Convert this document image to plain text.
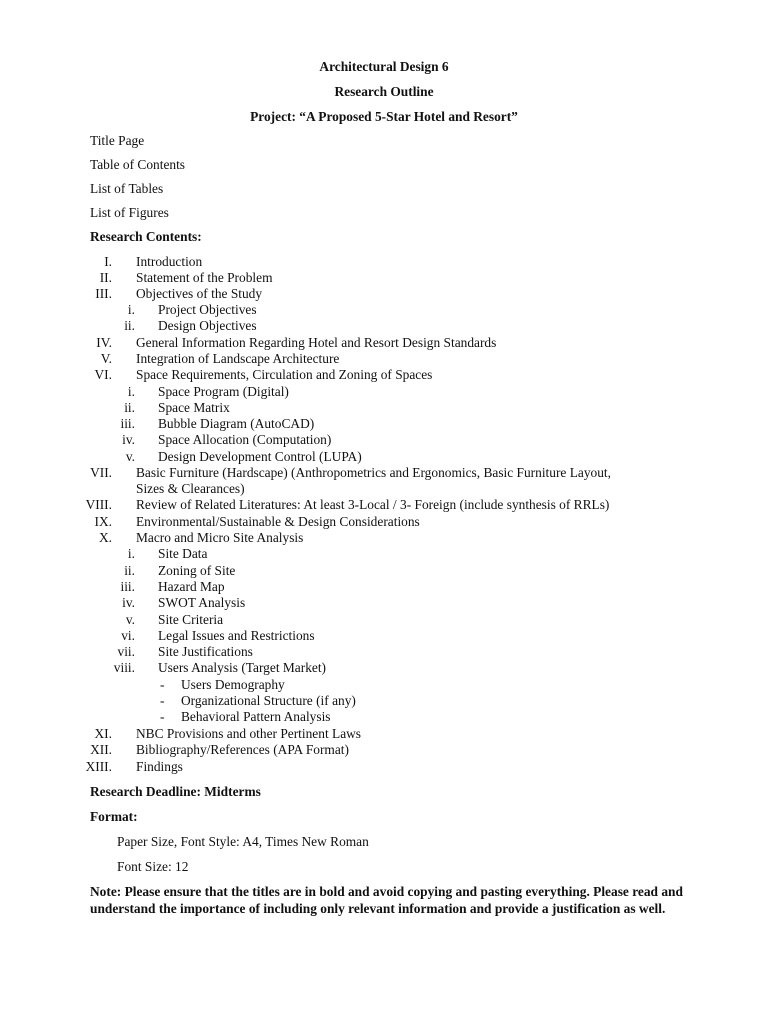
Architectural Design 6
Research Outline
Project: “A Proposed 5-Star Hotel and Resort”
Title Page
Table of Contents
List of Tables
List of Figures
Research Contents:
I. Introduction
II. Statement of the Problem
III. Objectives of the Study
i. Project Objectives
ii. Design Objectives
IV. General Information Regarding Hotel and Resort Design Standards
V. Integration of Landscape Architecture
VI. Space Requirements, Circulation and Zoning of Spaces
i. Space Program (Digital)
ii. Space Matrix
iii. Bubble Diagram (AutoCAD)
iv. Space Allocation (Computation)
v. Design Development Control (LUPA)
VII. Basic Furniture (Hardscape) (Anthropometrics and Ergonomics, Basic Furniture Layout,
Sizes & Clearances)
VIII. Review of Related Literatures: At least 3-Local / 3- Foreign (include synthesis of RRLs)
IX. Environmental/Sustainable & Design Considerations
X. Macro and Micro Site Analysis
i. Site Data
ii. Zoning of Site
iii. Hazard Map
iv. SWOT Analysis
v. Site Criteria
vi. Legal Issues and Restrictions
vii. Site Justifications
viii. Users Analysis (Target Market)
- Users Demography
- Organizational Structure (if any)
- Behavioral Pattern Analysis
XI. NBC Provisions and other Pertinent Laws
XII. Bibliography/References (APA Format)
XIII. Findings
Research Deadline: Midterms
Format:
Paper Size, Font Style: A4, Times New Roman
Font Size: 12
Note: Please ensure that the titles are in bold and avoid copying and pasting everything. Please read and understand the importance of including only relevant information and provide a justification as well.
